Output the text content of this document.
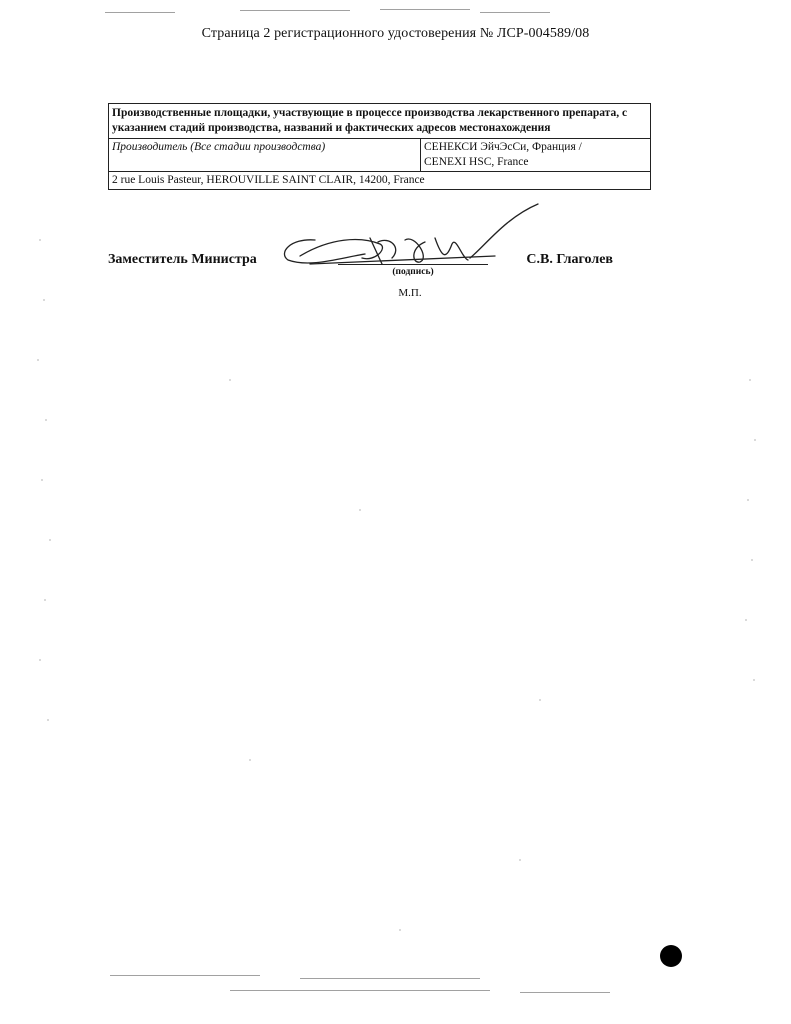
Страница 2 регистрационного удостоверения № ЛСР-004589/08
Производственные площадки, участвующие в процессе производства лекарственного препарата, с указанием стадий производства, названий и фактических адресов местонахождения
Производитель (Все стадии производства)	СЕНЕКСИ ЭйчЭсСи, Франция /
CENEXI HSC, France

2 rue Louis Pasteur, HEROUVILLE SAINT CLAIR, 14200, France
Заместитель Министра	С.В. Глаголев
(подпись)
М.П.
